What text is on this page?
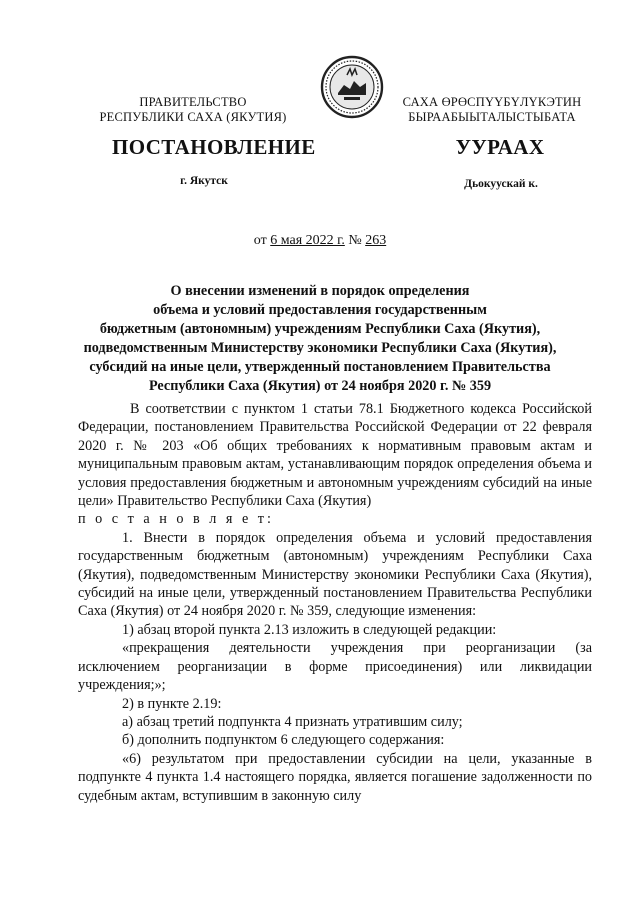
ПРАВИТЕЛЬСТВО
РЕСПУБЛИКИ САХА (ЯКУТИЯ)
САХА ӨРӨСПҮҮБҮЛҮКЭТИН
БЫРААБЫЫТАЛЫСТЫБАТА
ПОСТАНОВЛЕНИЕ	УУРААХ
г. Якутск	Дьокуускай к.
от 6 мая 2022 г. № 263
О внесении изменений в порядок определения
объема и условий предоставления государственным
бюджетным (автономным) учреждениям Республики Саха (Якутия),
подведомственным Министерству экономики Республики Саха (Якутия),
субсидий на иные цели, утвержденный постановлением Правительства
Республики Саха (Якутия) от 24 ноября 2020 г. № 359

В соответствии с пунктом 1 статьи 78.1 Бюджетного кодекса Российской Федерации, постановлением Правительства Российской Федерации от 22 февраля 2020 г. № 203 «Об общих требованиях к нормативным правовым актам и муниципальным правовым актам, устанавливающим порядок определения объема и условия предоставления бюджетным и автономным учреждениям субсидий на иные цели» Правительство Республики Саха (Якутия)

п о с т а н о в л я е т:

1. Внести в порядок определения объема и условий предоставления государственным бюджетным (автономным) учреждениям Республики Саха (Якутия), подведомственным Министерству экономики Республики Саха (Якутия), субсидий на иные цели, утвержденный постановлением Правительства Республики Саха (Якутия) от 24 ноября 2020 г. № 359, следующие изменения:

1) абзац второй пункта 2.13 изложить в следующей редакции:

«прекращения деятельности учреждения при реорганизации (за исключением реорганизации в форме присоединения) или ликвидации учреждения;»;

2) в пункте 2.19:

а) абзац третий подпункта 4 признать утратившим силу;

б) дополнить подпунктом 6 следующего содержания:

«6) результатом при предоставлении субсидии на цели, указанные в подпункте 4 пункта 1.4 настоящего порядка, является погашение задолженности по судебным актам, вступившим в законную силу
